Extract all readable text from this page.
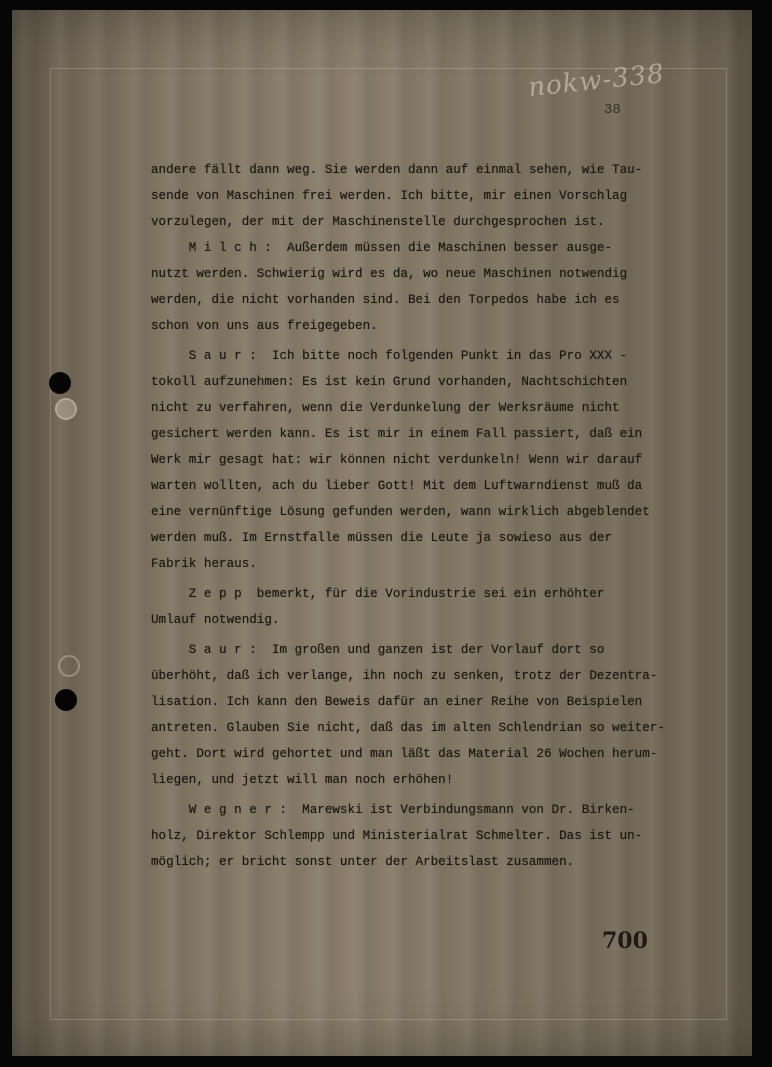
nokw-338
38

andere fällt dann weg. Sie werden dann auf einmal sehen, wie Tau-

sende von Maschinen frei werden. Ich bitte, mir einen Vorschlag

vorzulegen, der mit der Maschinenstelle durchgesprochen ist.

M i l c h :  Außerdem müssen die Maschinen besser ausge-

nutzt werden. Schwierig wird es da, wo neue Maschinen notwendig

werden, die nicht vorhanden sind. Bei den Torpedos habe ich es

schon von uns aus freigegeben.

S a u r :  Ich bitte noch folgenden Punkt in das Pro XXX -

tokoll aufzunehmen: Es ist kein Grund vorhanden, Nachtschichten

nicht zu verfahren, wenn die Verdunkelung der Werksräume nicht

gesichert werden kann. Es ist mir in einem Fall passiert, daß ein

Werk mir gesagt hat: wir können nicht verdunkeln! Wenn wir darauf

warten wollten, ach du lieber Gott! Mit dem Luftwarndienst muß da

eine vernünftige Lösung gefunden werden, wann wirklich abgeblendet

werden muß. Im Ernstfalle müssen die Leute ja sowieso aus der

Fabrik heraus.

Z e p p  bemerkt, für die Vorindustrie sei ein erhöhter

Umlauf notwendig.

S a u r :  Im großen und ganzen ist der Vorlauf dort so

überhöht, daß ich verlange, ihn noch zu senken, trotz der Dezentra-

lisation. Ich kann den Beweis dafür an einer Reihe von Beispielen

antreten. Glauben Sie nicht, daß das im alten Schlendrian so weiter-

geht. Dort wird gehortet und man läßt das Material 26 Wochen herum-

liegen, und jetzt will man noch erhöhen!

W e g n e r :  Marewski ist Verbindungsmann von Dr. Birken-

holz, Direktor Schlempp und Ministerialrat Schmelter. Das ist un-

möglich; er bricht sonst unter der Arbeitslast zusammen.

700
